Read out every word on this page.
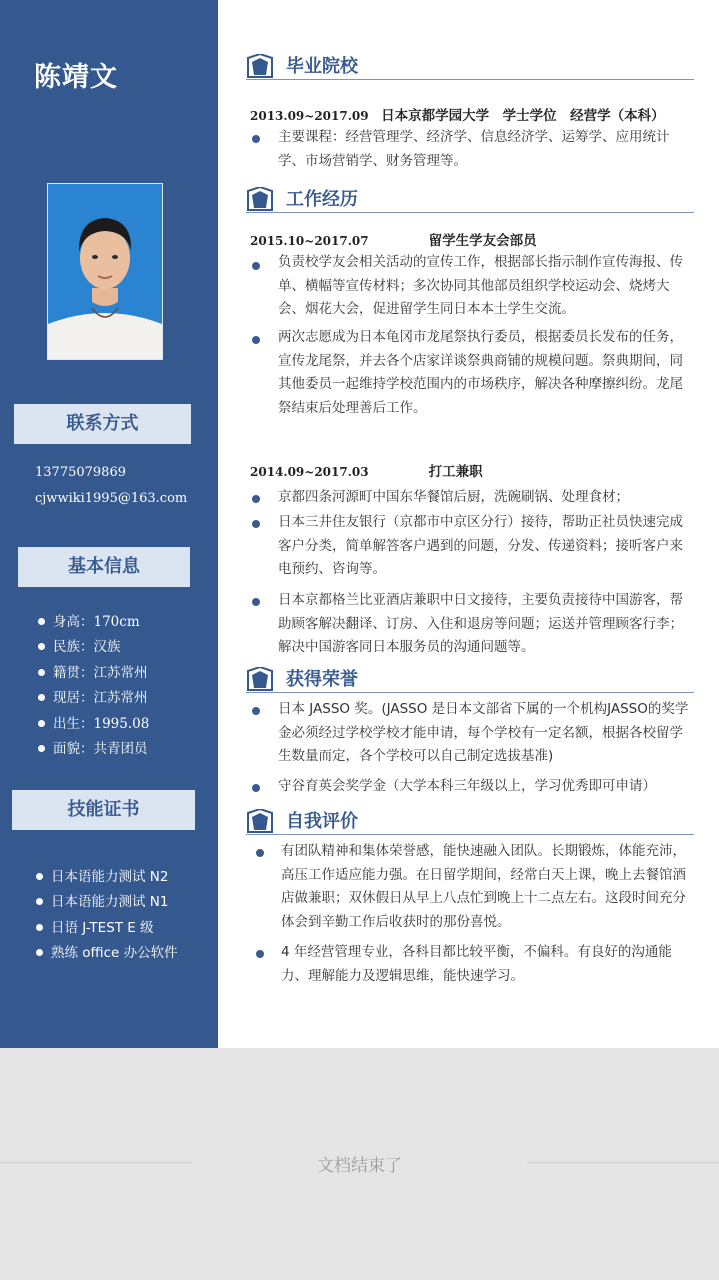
陈靖文
联系方式
13775079869
cjwwiki1995@163.com
基本信息
身高：170cm
民族：汉族
籍贯：江苏常州
现居：江苏常州
出生：1995.08
面貌：共青团员
技能证书
日本语能力测试 N2
日本语能力测试 N1
日语 J-TEST E 级
熟练 office 办公软件
毕业院校
2013.09~2017.09 日本京都学园大学　学士学位　经营学（本科）
主要课程：经营管理学、经济学、信息经济学、运筹学、应用统计学、市场营销学、财务管理等。
工作经历
2015.10~2017.07	留学生学友会部员
负责校学友会相关活动的宣传工作，根据部长指示制作宣传海报、传单、横幅等宣传材料；多次协同其他部员组织学校运动会、烧烤大会、烟花大会，促进留学生同日本本土学生交流。
两次志愿成为日本龟冈市龙尾祭执行委员，根据委员长发布的任务，宣传龙尾祭，并去各个店家详谈祭典商铺的规模问题。祭典期间，同其他委员一起维持学校范围内的市场秩序，解决各种摩擦纠纷。龙尾祭结束后处理善后工作。
2014.09~2017.03	打工兼职
京都四条河源町中国东华餐馆后厨，洗碗刷锅、处理食材；
日本三井住友银行（京都市中京区分行）接待，帮助正社员快速完成客户分类，简单解答客户遇到的问题，分发、传递资料；接听客户来电预约、咨询等。
日本京都格兰比亚酒店兼职中日文接待，主要负责接待中国游客，帮助顾客解决翻译、订房、入住和退房等问题；运送并管理顾客行李；解决中国游客同日本服务员的沟通问题等。
获得荣誉
日本 JASSO 奖。(JASSO 是日本文部省下属的一个机构JASSO的奖学金必须经过学校学校才能申请，每个学校有一定名额，根据各校留学生数量而定，各个学校可以自己制定选拔基准)
守谷育英会奖学金（大学本科三年级以上，学习优秀即可申请）
自我评价
有团队精神和集体荣誉感，能快速融入团队。长期锻炼，体能充沛，高压工作适应能力强。在日留学期间，经常白天上课，晚上去餐馆酒店做兼职；双休假日从早上八点忙到晚上十二点左右。这段时间充分体会到辛勤工作后收获时的那份喜悦。
4 年经营管理专业，各科目都比较平衡，不偏科。有良好的沟通能力、理解能力及逻辑思维，能快速学习。
文档结束了
